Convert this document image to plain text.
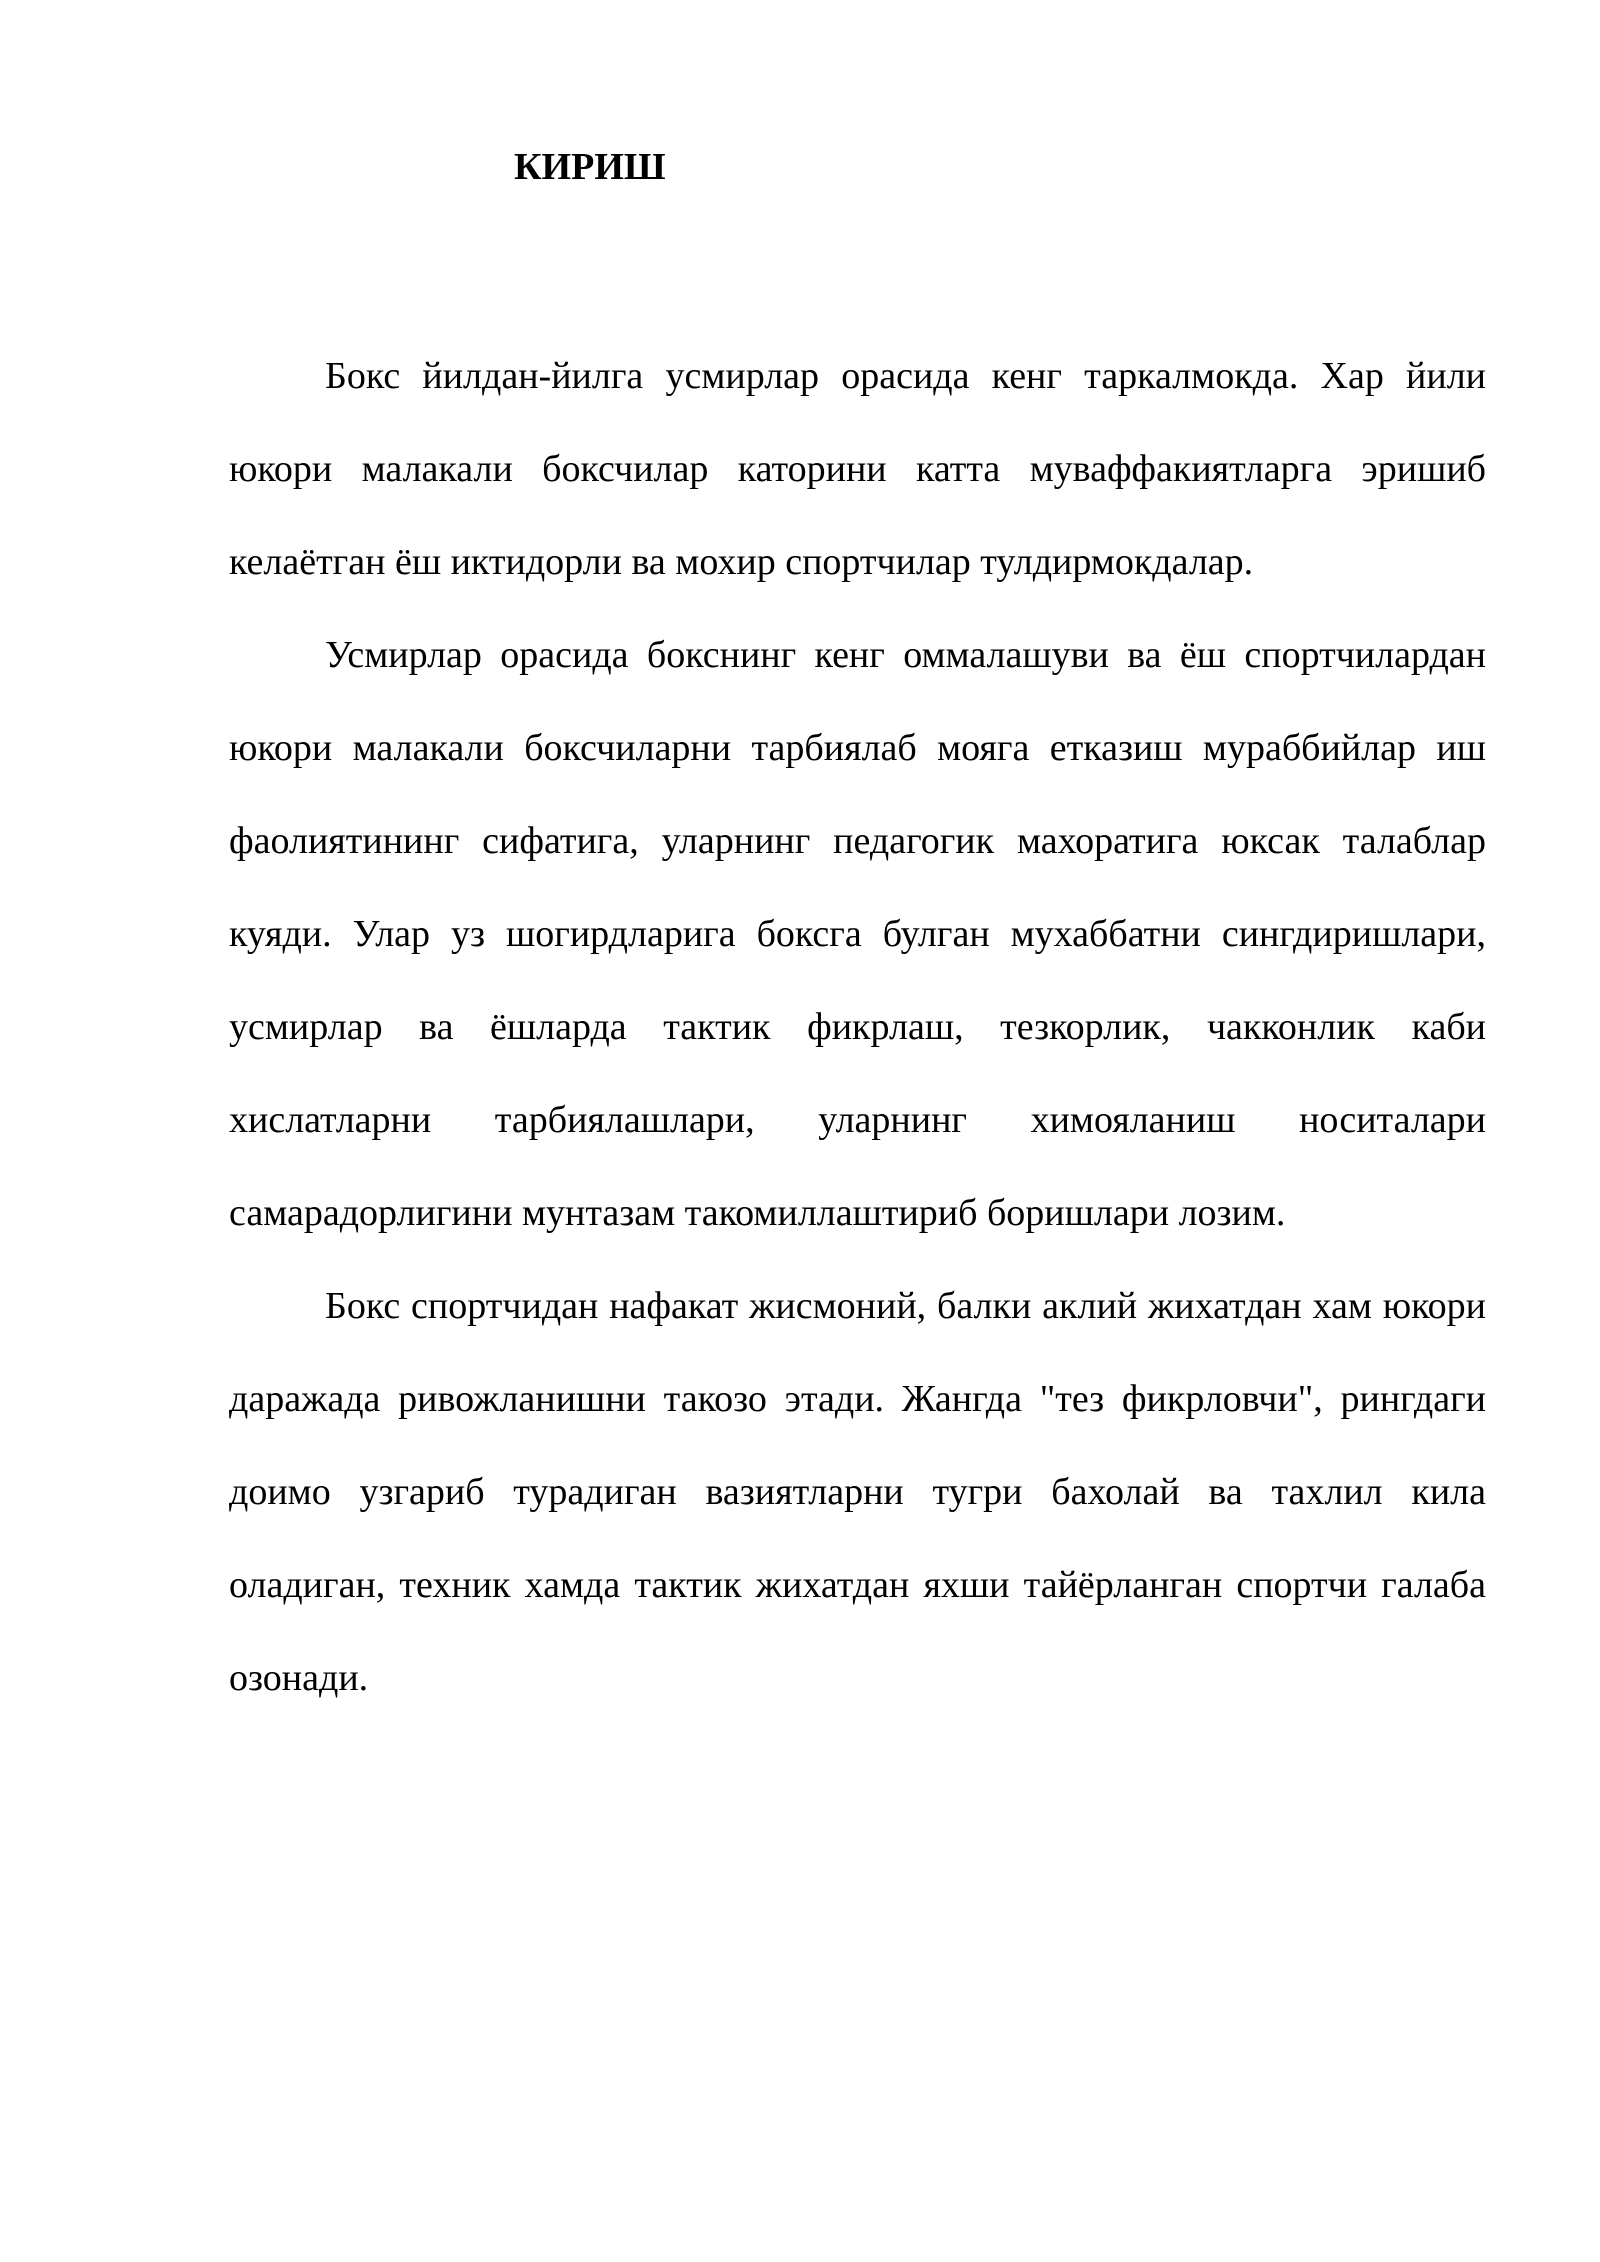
КИРИШ

Бокс йилдан-йилга усмирлар орасида кенг таркалмокда. Хар йили юкори малакали боксчилар каторини катта муваффакиятларга эришиб келаётган ёш иктидорли ва мохир спортчилар тулдирмокдалар.

Усмирлар орасида бокснинг кенг оммалашуви ва ёш спортчилардан юкори малакали боксчиларни тарбиялаб мояга етказиш мураббийлар иш фаолиятининг сифатига, уларнинг педагогик махоратига юксак талаблар куяди. Улар уз шогирдларига боксга булган мухаббатни сингдиришлари, усмирлар ва ёшларда тактик фикрлаш, тезкорлик, чакконлик каби хислатларни тарбиялашлари, уларнинг химояланиш носиталари самарадорлигини мунтазам такомиллаштириб боришлари лозим.

Бокс спортчидан нафакат жисмоний, балки аклий жихатдан хам юкори даражада ривожланишни такозо этади. Жангда "тез фикрловчи", рингдаги доимо узгариб турадиган вазиятларни тугри бахолай ва тахлил кила оладиган, техник хамда тактик жихатдан яхши тайёрланган спортчи галаба озонади.
